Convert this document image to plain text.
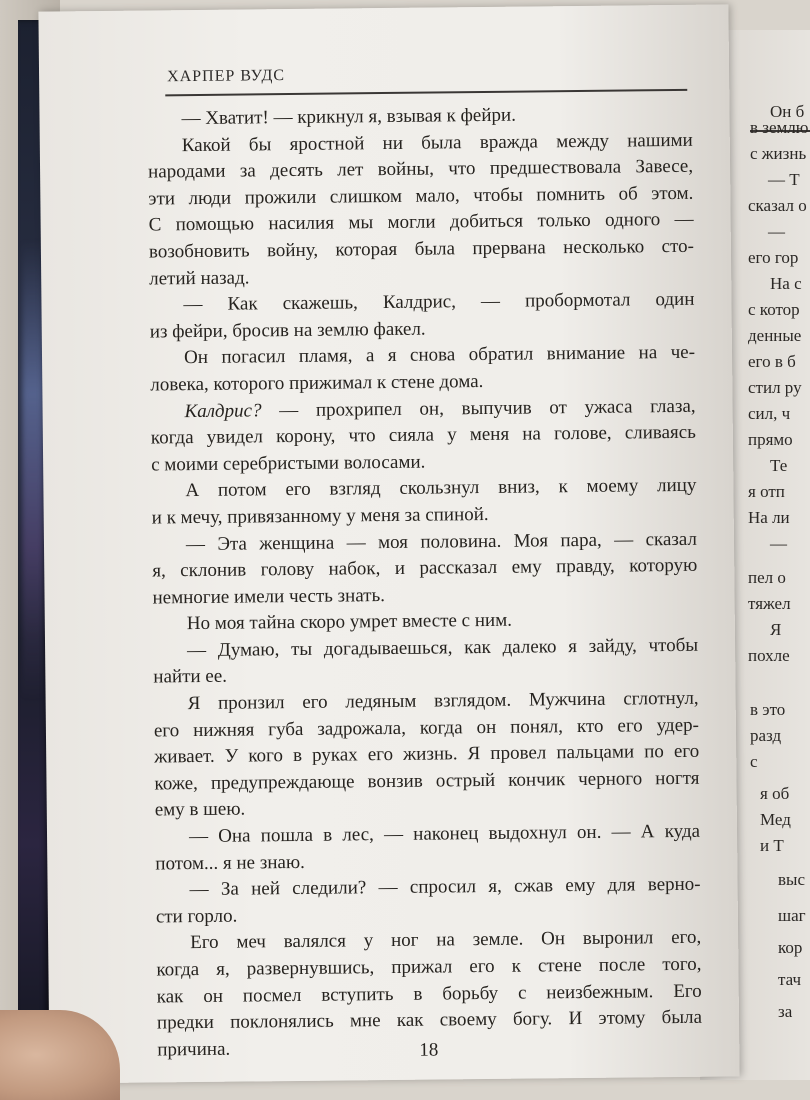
Он б
в землю
с жизнь
— Т
сказал о
—
его гор
На с
с котор
денные
его в б
стил ру
сил, ч
прямо
Те
я отп
На ли
—
пел о
тяжел
Я
похле
в это
разд
с
я об
Мед
и Т
выс
шаг
кор
тач
за
ХАРПЕР ВУДС
— Хватит! — крикнул я, взывая к фейри.
Какой бы яростной ни была вражда между нашими
народами за десять лет войны, что предшествовала Завесе,
эти люди прожили слишком мало, чтобы помнить об этом.
С помощью насилия мы могли добиться только одного —
возобновить войну, которая была прервана несколько сто-
летий назад.
— Как скажешь, Калдрис, — пробормотал один
из фейри, бросив на землю факел.
Он погасил пламя, а я снова обратил внимание на че-
ловека, которого прижимал к стене дома.
Калдрис? — прохрипел он, выпучив от ужаса глаза,
когда увидел корону, что сияла у меня на голове, сливаясь
с моими серебристыми волосами.
А потом его взгляд скользнул вниз, к моему лицу
и к мечу, привязанному у меня за спиной.
— Эта женщина — моя половина. Моя пара, — сказал
я, склонив голову набок, и рассказал ему правду, которую
немногие имели честь знать.
Но моя тайна скоро умрет вместе с ним.
— Думаю, ты догадываешься, как далеко я зайду, чтобы
найти ее.
Я пронзил его ледяным взглядом. Мужчина сглотнул,
его нижняя губа задрожала, когда он понял, кто его удер-
живает. У кого в руках его жизнь. Я провел пальцами по его
коже, предупреждающе вонзив острый кончик черного ногтя
ему в шею.
— Она пошла в лес, — наконец выдохнул он. — А куда
потом... я не знаю.
— За ней следили? — спросил я, сжав ему для верно-
сти горло.
Его меч валялся у ног на земле. Он выронил его,
когда я, развернувшись, прижал его к стене после того,
как он посмел вступить в борьбу с неизбежным. Его
предки поклонялись мне как своему богу. И этому была
причина.	18
